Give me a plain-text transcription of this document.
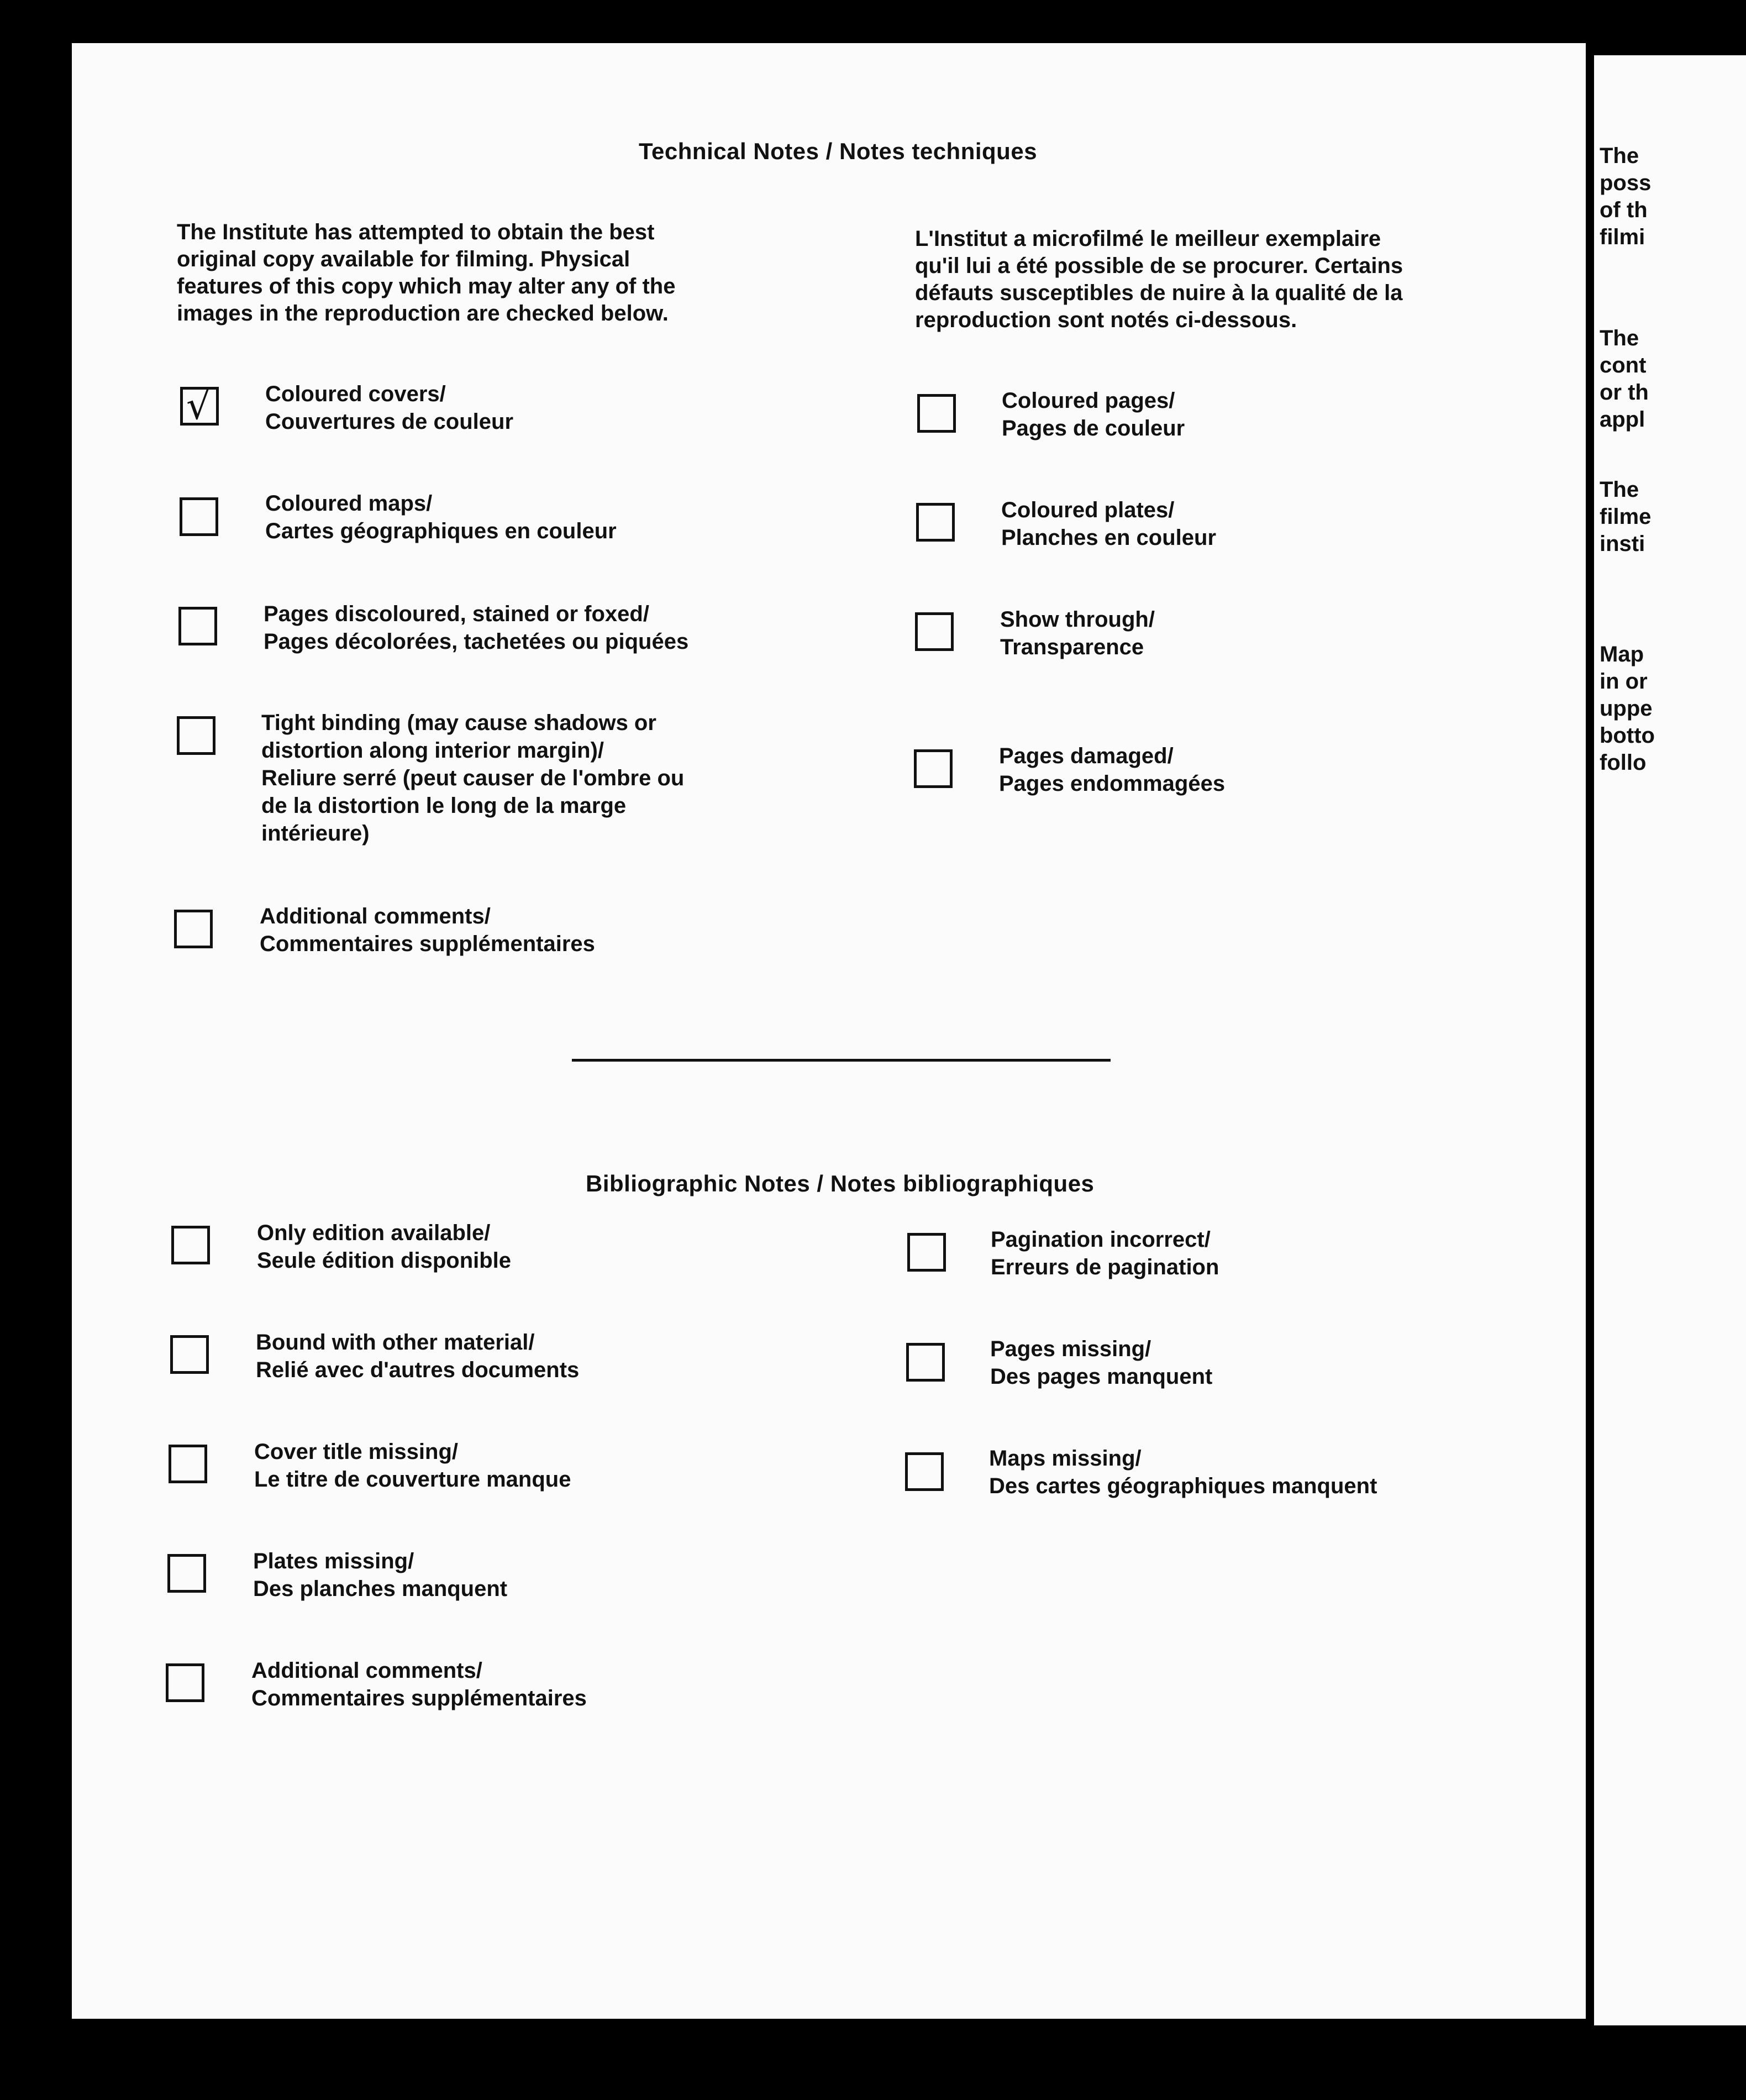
Technical Notes / Notes techniques
The Institute has attempted to obtain the best
original copy available for filming. Physical
features of this copy which may alter any of the
images in the reproduction are checked below.
L'Institut a microfilmé le meilleur exemplaire
qu'il lui a été possible de se procurer. Certains
défauts susceptibles de nuire à la qualité de la
reproduction sont notés ci-dessous.
√ Coloured covers/
Couvertures de couleur
Coloured maps/
Cartes géographiques en couleur
Pages discoloured, stained or foxed/
Pages décolorées, tachetées ou piquées
Tight binding (may cause shadows or
distortion along interior margin)/
Reliure serré (peut causer de l'ombre ou
de la distortion le long de la marge
intérieure)
Additional comments/
Commentaires supplémentaires
Coloured pages/
Pages de couleur
Coloured plates/
Planches en couleur
Show through/
Transparence
Pages damaged/
Pages endommagées
Bibliographic Notes / Notes bibliographiques
Only edition available/
Seule édition disponible
Bound with other material/
Relié avec d'autres documents
Cover title missing/
Le titre de couverture manque
Plates missing/
Des planches manquent
Additional comments/
Commentaires supplémentaires
Pagination incorrect/
Erreurs de pagination
Pages missing/
Des pages manquent
Maps missing/
Des cartes géographiques manquent
The
poss
of th
filmi
The
cont
or th
appl
The
filme
insti
Map
in or
uppe
botto
follo
